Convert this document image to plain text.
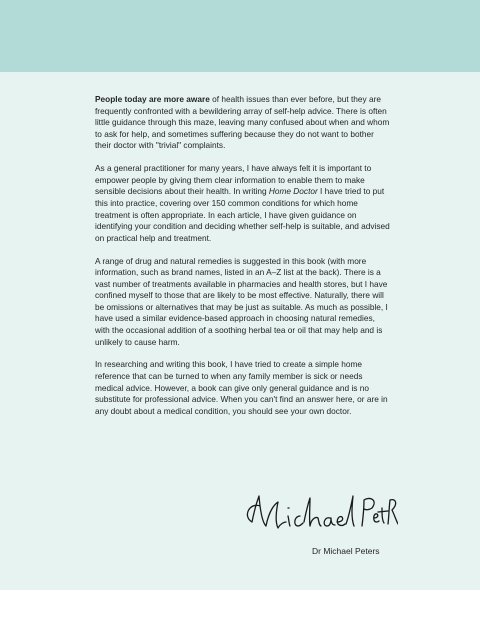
People today are more aware of health issues than ever before, but they are frequently confronted with a bewildering array of self-help advice. There is often little guidance through this maze, leaving many confused about when and whom to ask for help, and sometimes suffering because they do not want to bother their doctor with "trivial" complaints.

As a general practitioner for many years, I have always felt it is important to empower people by giving them clear information to enable them to make sensible decisions about their health. In writing Home Doctor I have tried to put this into practice, covering over 150 common conditions for which home treatment is often appropriate. In each article, I have given guidance on identifying your condition and deciding whether self-help is suitable, and advised on practical help and treatment.

A range of drug and natural remedies is suggested in this book (with more information, such as brand names, listed in an A–Z list at the back). There is a vast number of treatments available in pharmacies and health stores, but I have confined myself to those that are likely to be most effective. Naturally, there will be omissions or alternatives that may be just as suitable. As much as possible, I have used a similar evidence-based approach in choosing natural remedies, with the occasional addition of a soothing herbal tea or oil that may help and is unlikely to cause harm.

In researching and writing this book, I have tried to create a simple home reference that can be turned to when any family member is sick or needs medical advice. However, a book can give only general guidance and is no substitute for professional advice. When you can't find an answer here, or are in any doubt about a medical condition, you should see your own doctor.

Dr Michael Peters
